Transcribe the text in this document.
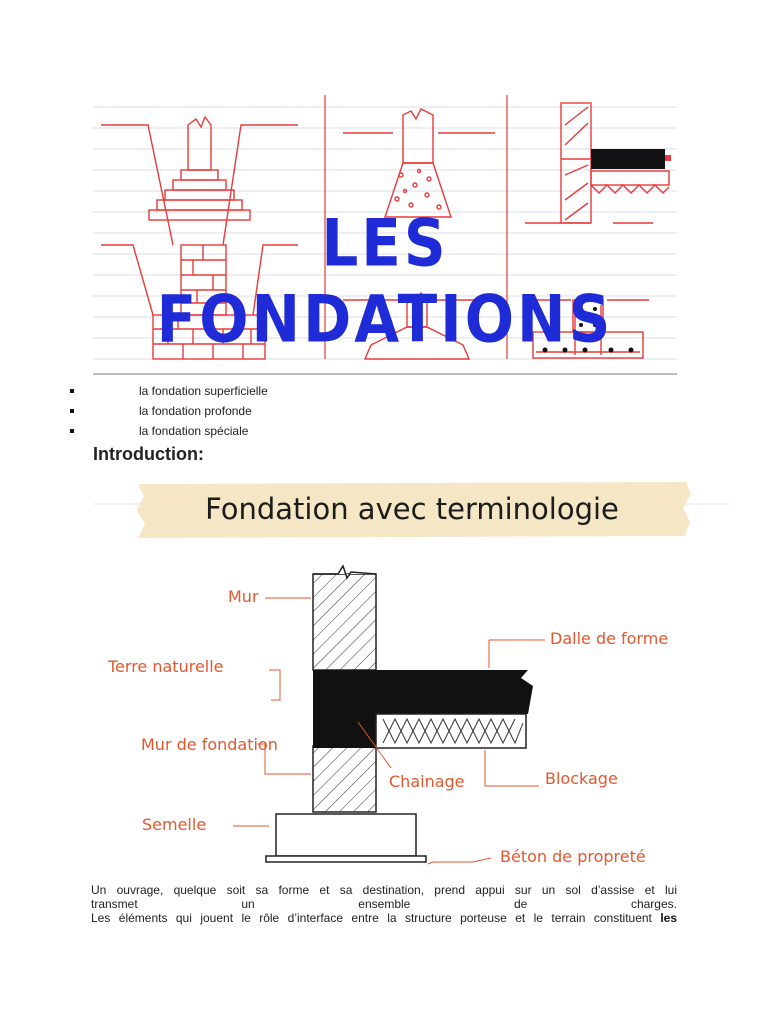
LES FONDATIONS
la fondation superficielle
la fondation profonde
la fondation spéciale
Introduction:
Fondation avec terminologie
Mur
Terre naturelle
Mur de fondation
Semelle
Dalle de forme
Chainage	Blockage
Béton de propreté

Un ouvrage, quelque soit sa forme et sa destination, prend appui sur un sol d’assise et lui
transmet un ensemble de charges.
Les éléments qui jouent le rôle d’interface entre la structure porteuse et le terrain constituent les
